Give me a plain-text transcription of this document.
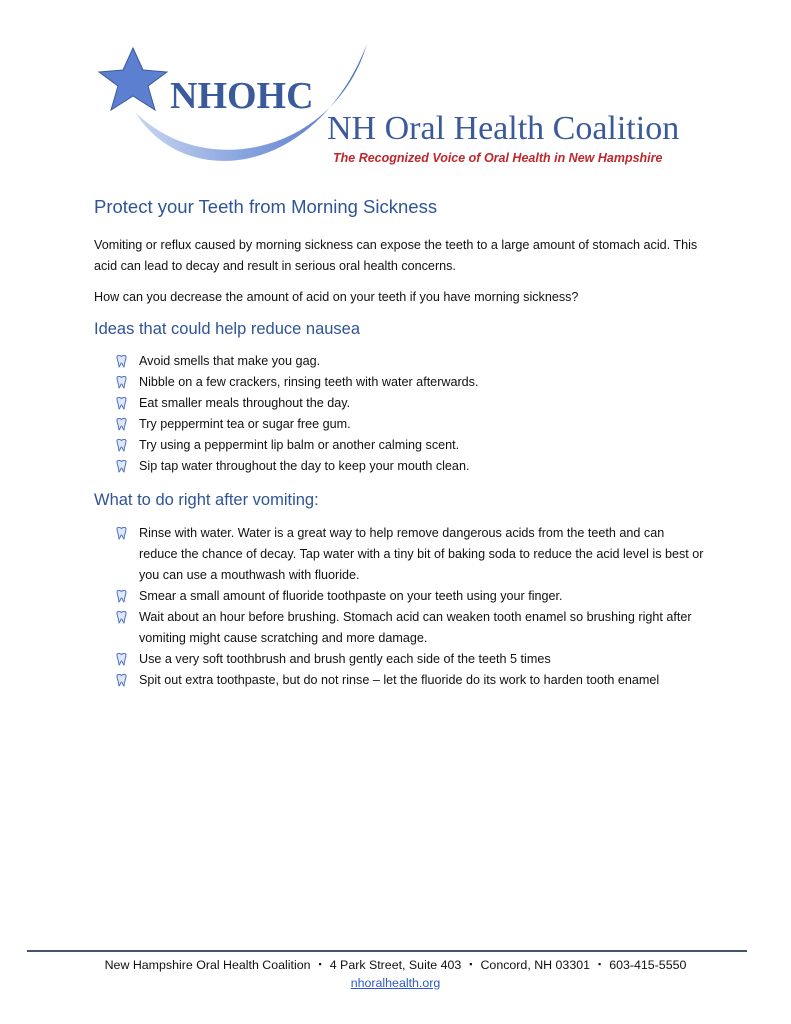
NHOHC
NH Oral Health Coalition
The Recognized Voice of Oral Health in New Hampshire
Protect your Teeth from Morning Sickness

Vomiting or reflux caused by morning sickness can expose the teeth to a large amount of stomach acid. This acid can lead to decay and result in serious oral health concerns.

How can you decrease the amount of acid on your teeth if you have morning sickness?

Ideas that could help reduce nausea
Avoid smells that make you gag.
Nibble on a few crackers, rinsing teeth with water afterwards.
Eat smaller meals throughout the day.
Try peppermint tea or sugar free gum.
Try using a peppermint lip balm or another calming scent.
Sip tap water throughout the day to keep your mouth clean.
What to do right after vomiting:
Rinse with water. Water is a great way to help remove dangerous acids from the teeth and can reduce the chance of decay. Tap water with a tiny bit of baking soda to reduce the acid level is best or you can use a mouthwash with fluoride.
Smear a small amount of fluoride toothpaste on your teeth using your finger.
Wait about an hour before brushing. Stomach acid can weaken tooth enamel so brushing right after vomiting might cause scratching and more damage.
Use a very soft toothbrush and brush gently each side of the teeth 5 times
Spit out extra toothpaste, but do not rinse – let the fluoride do its work to harden tooth enamel
New Hampshire Oral Health Coalition ▪ 4 Park Street, Suite 403 ▪ Concord, NH 03301 ▪ 603-415-5550
nhoralhealth.org
